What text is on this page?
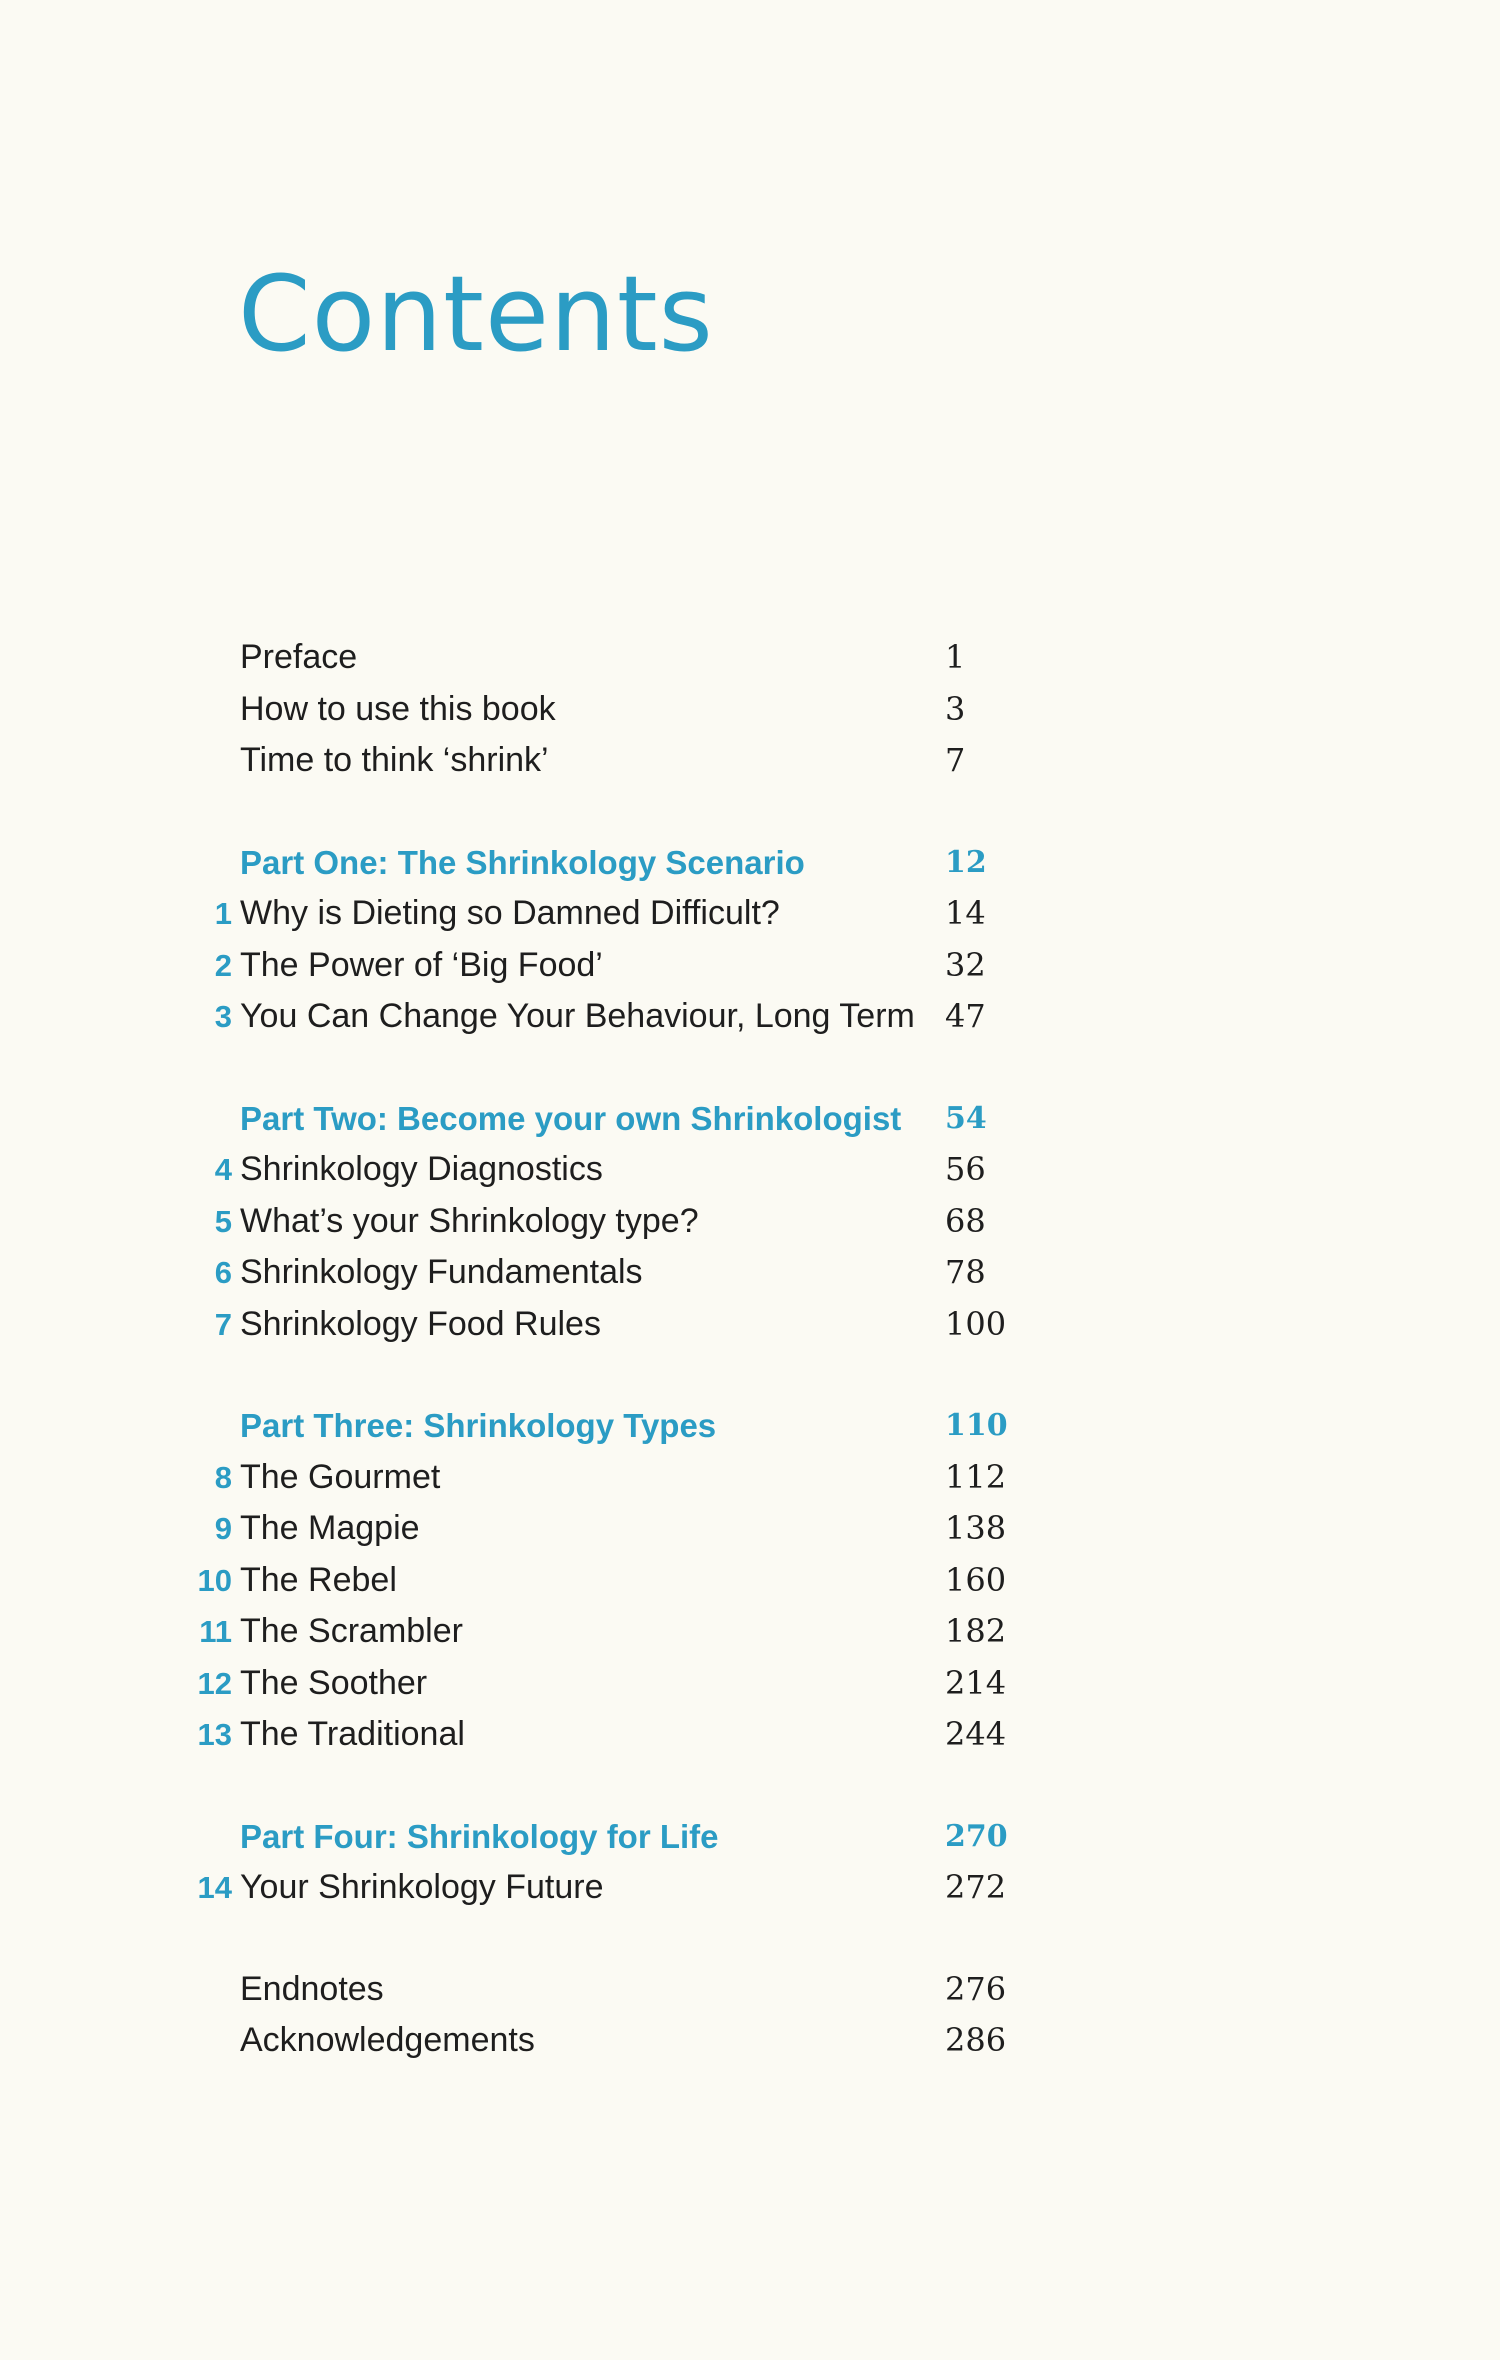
Contents
Preface	1
How to use this book	3
Time to think ‘shrink’	7
Part One: The Shrinkology Scenario	12
1 Why is Dieting so Damned Difficult?	14
2 The Power of ‘Big Food’	32
3 You Can Change Your Behaviour, Long Term 47
Part Two: Become your own Shrinkologist 54
4 Shrinkology Diagnostics	56
5 What’s your Shrinkology type?	68
6 Shrinkology Fundamentals	78
7 Shrinkology Food Rules	100
Part Three: Shrinkology Types	110
8 The Gourmet	112
9 The Magpie	138
10 The Rebel	160
11 The Scrambler	182
12 The Soother	214
13 The Traditional	244
Part Four: Shrinkology for Life	270
14 Your Shrinkology Future	272
Endnotes	276
Acknowledgements	286
